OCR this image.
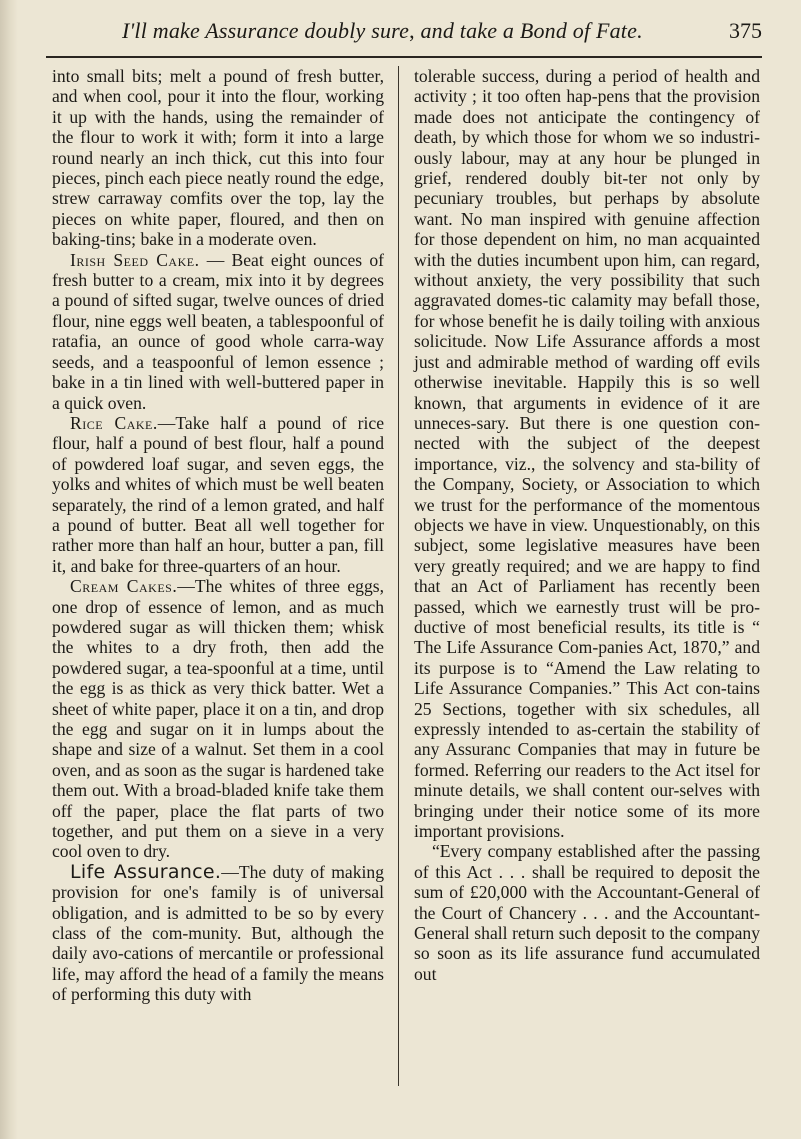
I'll make Assurance doubly sure, and take a Bond of Fate.	375

into small bits; melt a pound of fresh butter, and when cool, pour it into the flour, working it up with the hands, using the remainder of the flour to work it with; form it into a large round nearly an inch thick, cut this into four pieces, pinch each piece neatly round the edge, strew carraway comfits over the top, lay the pieces on white paper, floured, and then on baking-tins; bake in a moderate oven.

Irish Seed Cake. — Beat eight ounces of fresh butter to a cream, mix into it by degrees a pound of sifted sugar, twelve ounces of dried flour, nine eggs well beaten, a tablespoonful of ratafia, an ounce of good whole carra-way seeds, and a teaspoonful of lemon essence ; bake in a tin lined with well-buttered paper in a quick oven.

Rice Cake.—Take half a pound of rice flour, half a pound of best flour, half a pound of powdered loaf sugar, and seven eggs, the yolks and whites of which must be well beaten separately, the rind of a lemon grated, and half a pound of butter. Beat all well together for rather more than half an hour, butter a pan, fill it, and bake for three-quarters of an hour.

Cream Cakes.—The whites of three eggs, one drop of essence of lemon, and as much powdered sugar as will thicken them; whisk the whites to a dry froth, then add the powdered sugar, a tea-spoonful at a time, until the egg is as thick as very thick batter. Wet a sheet of white paper, place it on a tin, and drop the egg and sugar on it in lumps about the shape and size of a walnut. Set them in a cool oven, and as soon as the sugar is hardened take them out. With a broad-bladed knife take them off the paper, place the flat parts of two together, and put them on a sieve in a very cool oven to dry.

Life Assurance.—The duty of making provision for one's family is of universal obligation, and is admitted to be so by every class of the com-munity. But, although the daily avo-cations of mercantile or professional life, may afford the head of a family the means of performing this duty with

tolerable success, during a period of health and activity ; it too often hap-pens that the provision made does not anticipate the contingency of death, by which those for whom we so industri-ously labour, may at any hour be plunged in grief, rendered doubly bit-ter not only by pecuniary troubles, but perhaps by absolute want. No man inspired with genuine affection for those dependent on him, no man acquainted with the duties incumbent upon him, can regard, without anxiety, the very possibility that such aggravated domes-tic calamity may befall those, for whose benefit he is daily toiling with anxious solicitude. Now Life Assurance affords a most just and admirable method of warding off evils otherwise inevitable. Happily this is so well known, that arguments in evidence of it are unneces-sary. But there is one question con-nected with the subject of the deepest importance, viz., the solvency and sta-bility of the Company, Society, or Association to which we trust for the performance of the momentous objects we have in view. Unquestionably, on this subject, some legislative measures have been very greatly required; and we are happy to find that an Act of Parliament has recently been passed, which we earnestly trust will be pro-ductive of most beneficial results, its title is “ The Life Assurance Com-panies Act, 1870,” and its purpose is to “Amend the Law relating to Life Assurance Companies.” This Act con-tains 25 Sections, together with six schedules, all expressly intended to as-certain the stability of any Assuranc Companies that may in future be formed. Referring our readers to the Act itsel for minute details, we shall content our-selves with bringing under their notice some of its more important provisions.

“Every company established after the passing of this Act . . . shall be required to deposit the sum of £20,000 with the Accountant-General of the Court of Chancery . . . and the Accountant-General shall return such deposit to the company so soon as its life assurance fund accumulated out
